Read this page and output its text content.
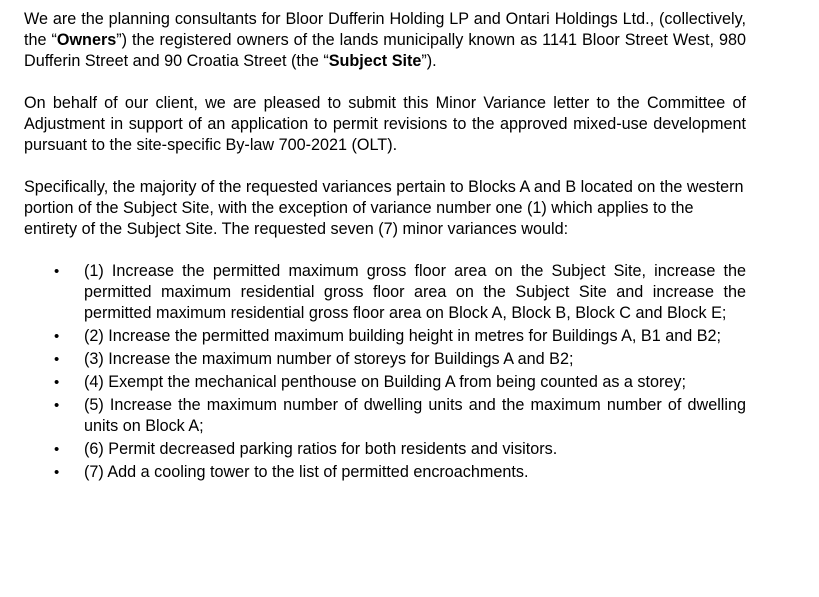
We are the planning consultants for Bloor Dufferin Holding LP and Ontari Holdings Ltd., (collectively, the “Owners”) the registered owners of the lands municipally known as 1141 Bloor Street West, 980 Dufferin Street and 90 Croatia Street (the “Subject Site”).

On behalf of our client, we are pleased to submit this Minor Variance letter to the Committee of Adjustment in support of an application to permit revisions to the approved mixed-use development pursuant to the site-specific By-law 700-2021 (OLT).

Specifically, the majority of the requested variances pertain to Blocks A and B located on the western portion of the Subject Site, with the exception of variance number one (1) which applies to the entirety of the Subject Site. The requested seven (7) minor variances would:

• (1) Increase the permitted maximum gross floor area on the Subject Site, increase the permitted maximum residential gross floor area on the Subject Site and increase the permitted maximum residential gross floor area on Block A, Block B, Block C and Block E;
• (2) Increase the permitted maximum building height in metres for Buildings A, B1 and B2;
• (3) Increase the maximum number of storeys for Buildings A and B2;
• (4) Exempt the mechanical penthouse on Building A from being counted as a storey;
• (5) Increase the maximum number of dwelling units and the maximum number of dwelling units on Block A;
• (6) Permit decreased parking ratios for both residents and visitors.
• (7) Add a cooling tower to the list of permitted encroachments.
